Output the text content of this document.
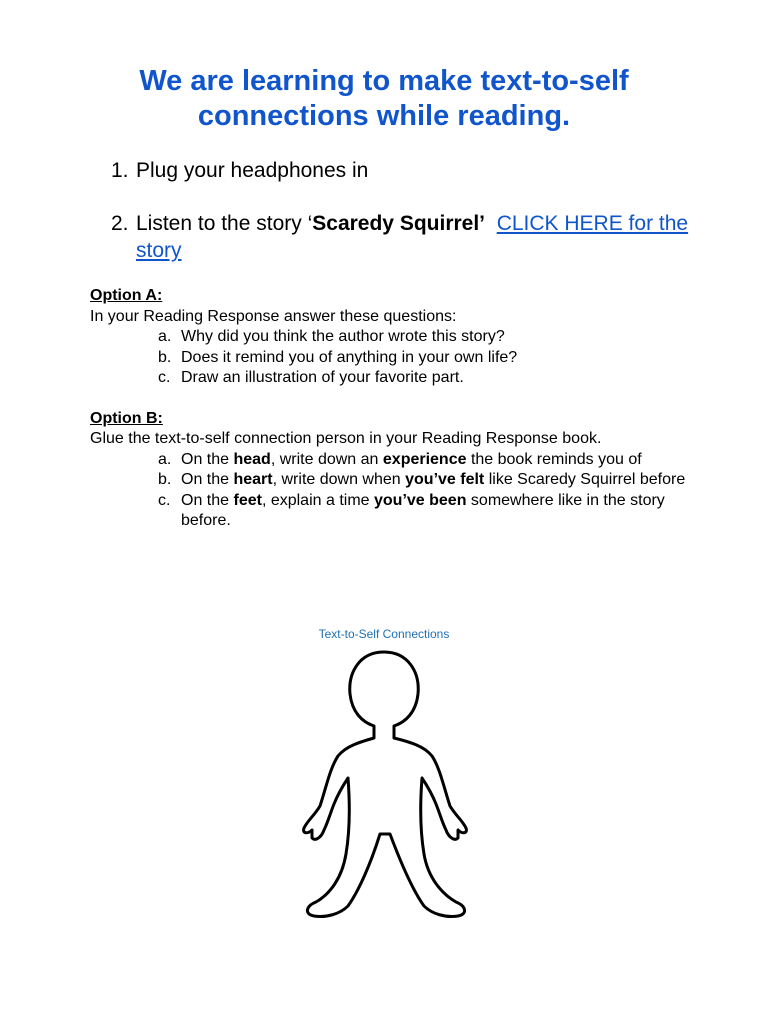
We are learning to make text-to-self connections while reading.
1. Plug your headphones in
2. Listen to the story ‘Scaredy Squirrel’ CLICK HERE for the story
Option A:
In your Reading Response answer these questions:
a. Why did you think the author wrote this story?
b. Does it remind you of anything in your own life?
c. Draw an illustration of your favorite part.
Option B:
Glue the text-to-self connection person in your Reading Response book.
a. On the head, write down an experience the book reminds you of
b. On the heart, write down when you’ve felt like Scaredy Squirrel before
c. On the feet, explain a time you’ve been somewhere like in the story before.
Text-to-Self Connections
